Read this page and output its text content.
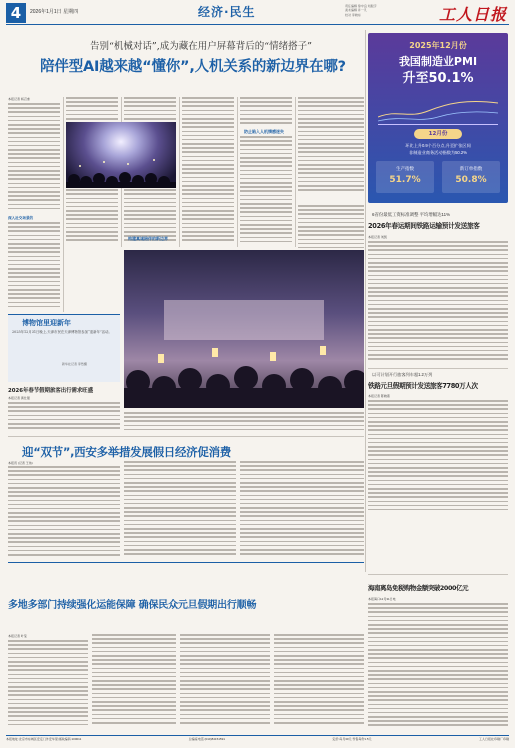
4	2026年1月1日 星期四	经济·民生	责任编辑 徐中良 刘振宇
美术编辑 许一凡
校对 李晓东	工人日报
告别“机械对话”,成为藏在用户屏幕背后的“情绪搭子”
陪伴型AI越来越“懂你”,人机关系的新边界在哪?
2025年12月份
我国制造业PMI
升至50.1%
12月份
环比上升0.9个百分点,升至扩张区间
非制造业商务活动指数为50.2%
生产指数
51.7%
新订单指数
50.8%
本报记者 杨召奎
深入社交场景的
防止陷入人机情感迷失
构建真诚陪伴的新边界
6省份最低工资标准调整 平均增幅达11%
2026年春运期间铁路运输预计发送旅客
本报记者 刘凯
以可计划开行旅客列车超1.2万列
铁路元旦假期预计发送旅客7780万人次
本报记者 陈晓燕
海南离岛免税购物金额突破2000亿元
本报海口12月31日电
博物馆里迎新年
2025年12月31日晚上,天津市民在天津博物馆参加“迎新年”活动。
新华社记者 李然摄
2026年春节假期旅客出行需求旺盛
本报记者 黄仕强
迎“双节”,西安多举措发展假日经济促消费
本报讯 (记者 王伟)
多地多部门持续强化运能保障 确保民众元旦假期出行顺畅
本报记者 叶莹
本报地址:北京市东城区安定门外安华里 邮政编码:100011	总编室电话:(010)84151591	定价:每月30元 零售每份1.5元	工人日报社印刷厂印刷
